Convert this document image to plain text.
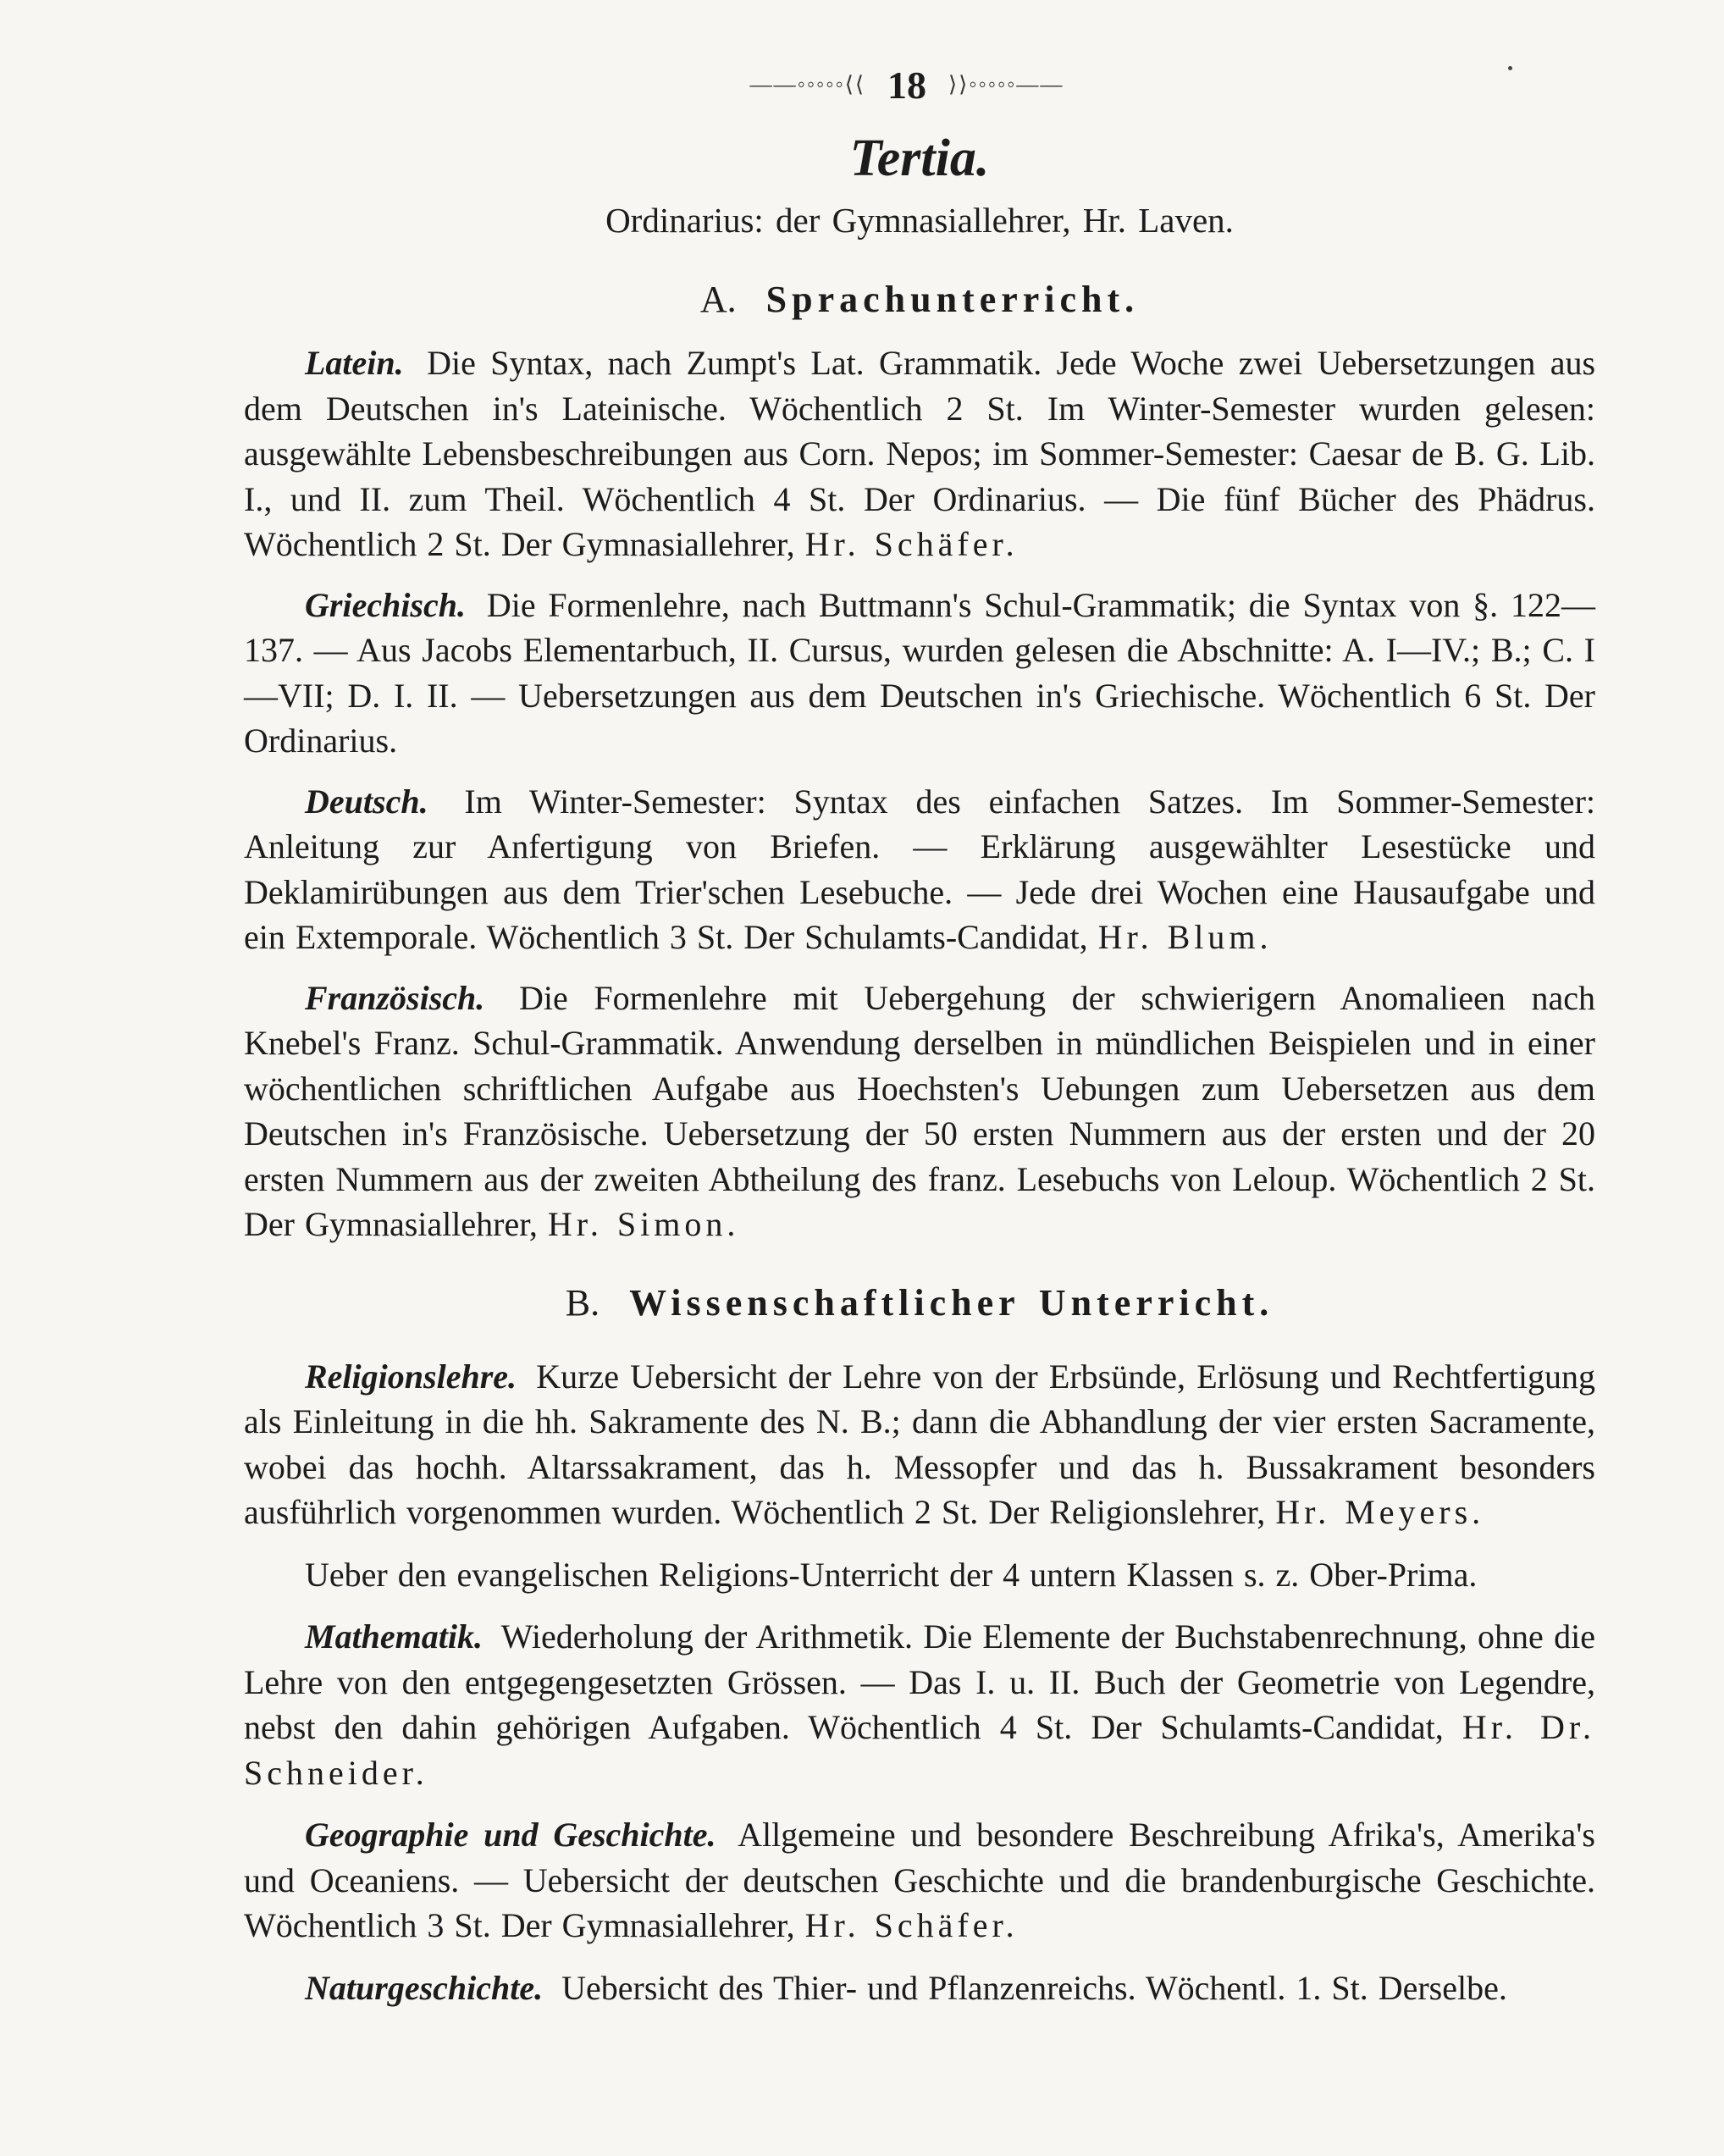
——◦◦◦◦◦⟨⟨ 18 ⟩⟩◦◦◦◦◦——
Tertia.
Ordinarius: der Gymnasiallehrer, Hr. Laven.
A. Sprachunterricht.

Latein. Die Syntax, nach Zumpt's Lat. Grammatik. Jede Woche zwei Uebersetzungen aus dem Deutschen in's Lateinische. Wöchentlich 2 St. Im Winter-Semester wurden gelesen: ausgewählte Lebensbeschreibungen aus Corn. Nepos; im Sommer-Semester: Caesar de B. G. Lib. I., und II. zum Theil. Wöchentlich 4 St. Der Ordinarius. — Die fünf Bücher des Phädrus. Wöchentlich 2 St. Der Gymnasiallehrer, Hr. Schäfer.

Griechisch. Die Formenlehre, nach Buttmann's Schul-Grammatik; die Syntax von §. 122—137. — Aus Jacobs Elementarbuch, II. Cursus, wurden gelesen die Abschnitte: A. I—IV.; B.; C. I—VII; D. I. II. — Uebersetzungen aus dem Deutschen in's Griechische. Wöchentlich 6 St. Der Ordinarius.

Deutsch. Im Winter-Semester: Syntax des einfachen Satzes. Im Sommer-Semester: Anleitung zur Anfertigung von Briefen. — Erklärung ausgewählter Lesestücke und Deklamirübungen aus dem Trier'schen Lesebuche. — Jede drei Wochen eine Hausaufgabe und ein Extemporale. Wöchentlich 3 St. Der Schulamts-Candidat, Hr. Blum.

Französisch. Die Formenlehre mit Uebergehung der schwierigern Anomalieen nach Knebel's Franz. Schul-Grammatik. Anwendung derselben in mündlichen Beispielen und in einer wöchentlichen schriftlichen Aufgabe aus Hoechsten's Uebungen zum Uebersetzen aus dem Deutschen in's Französische. Uebersetzung der 50 ersten Nummern aus der ersten und der 20 ersten Nummern aus der zweiten Abtheilung des franz. Lesebuchs von Leloup. Wöchentlich 2 St. Der Gymnasiallehrer, Hr. Simon.

B. Wissenschaftlicher Unterricht.

Religionslehre. Kurze Uebersicht der Lehre von der Erbsünde, Erlösung und Rechtfertigung als Einleitung in die hh. Sakramente des N. B.; dann die Abhandlung der vier ersten Sacramente, wobei das hochh. Altarssakrament, das h. Messopfer und das h. Bussakrament besonders ausführlich vorgenommen wurden. Wöchentlich 2 St. Der Religionslehrer, Hr. Meyers.

Ueber den evangelischen Religions-Unterricht der 4 untern Klassen s. z. Ober-Prima.

Mathematik. Wiederholung der Arithmetik. Die Elemente der Buchstabenrechnung, ohne die Lehre von den entgegengesetzten Grössen. — Das I. u. II. Buch der Geometrie von Legendre, nebst den dahin gehörigen Aufgaben. Wöchentlich 4 St. Der Schulamts-Candidat, Hr. Dr. Schneider.

Geographie und Geschichte. Allgemeine und besondere Beschreibung Afrika's, Amerika's und Oceaniens. — Uebersicht der deutschen Geschichte und die brandenburgische Geschichte. Wöchentlich 3 St. Der Gymnasiallehrer, Hr. Schäfer.

Naturgeschichte. Uebersicht des Thier- und Pflanzenreichs. Wöchentl. 1. St. Derselbe.
